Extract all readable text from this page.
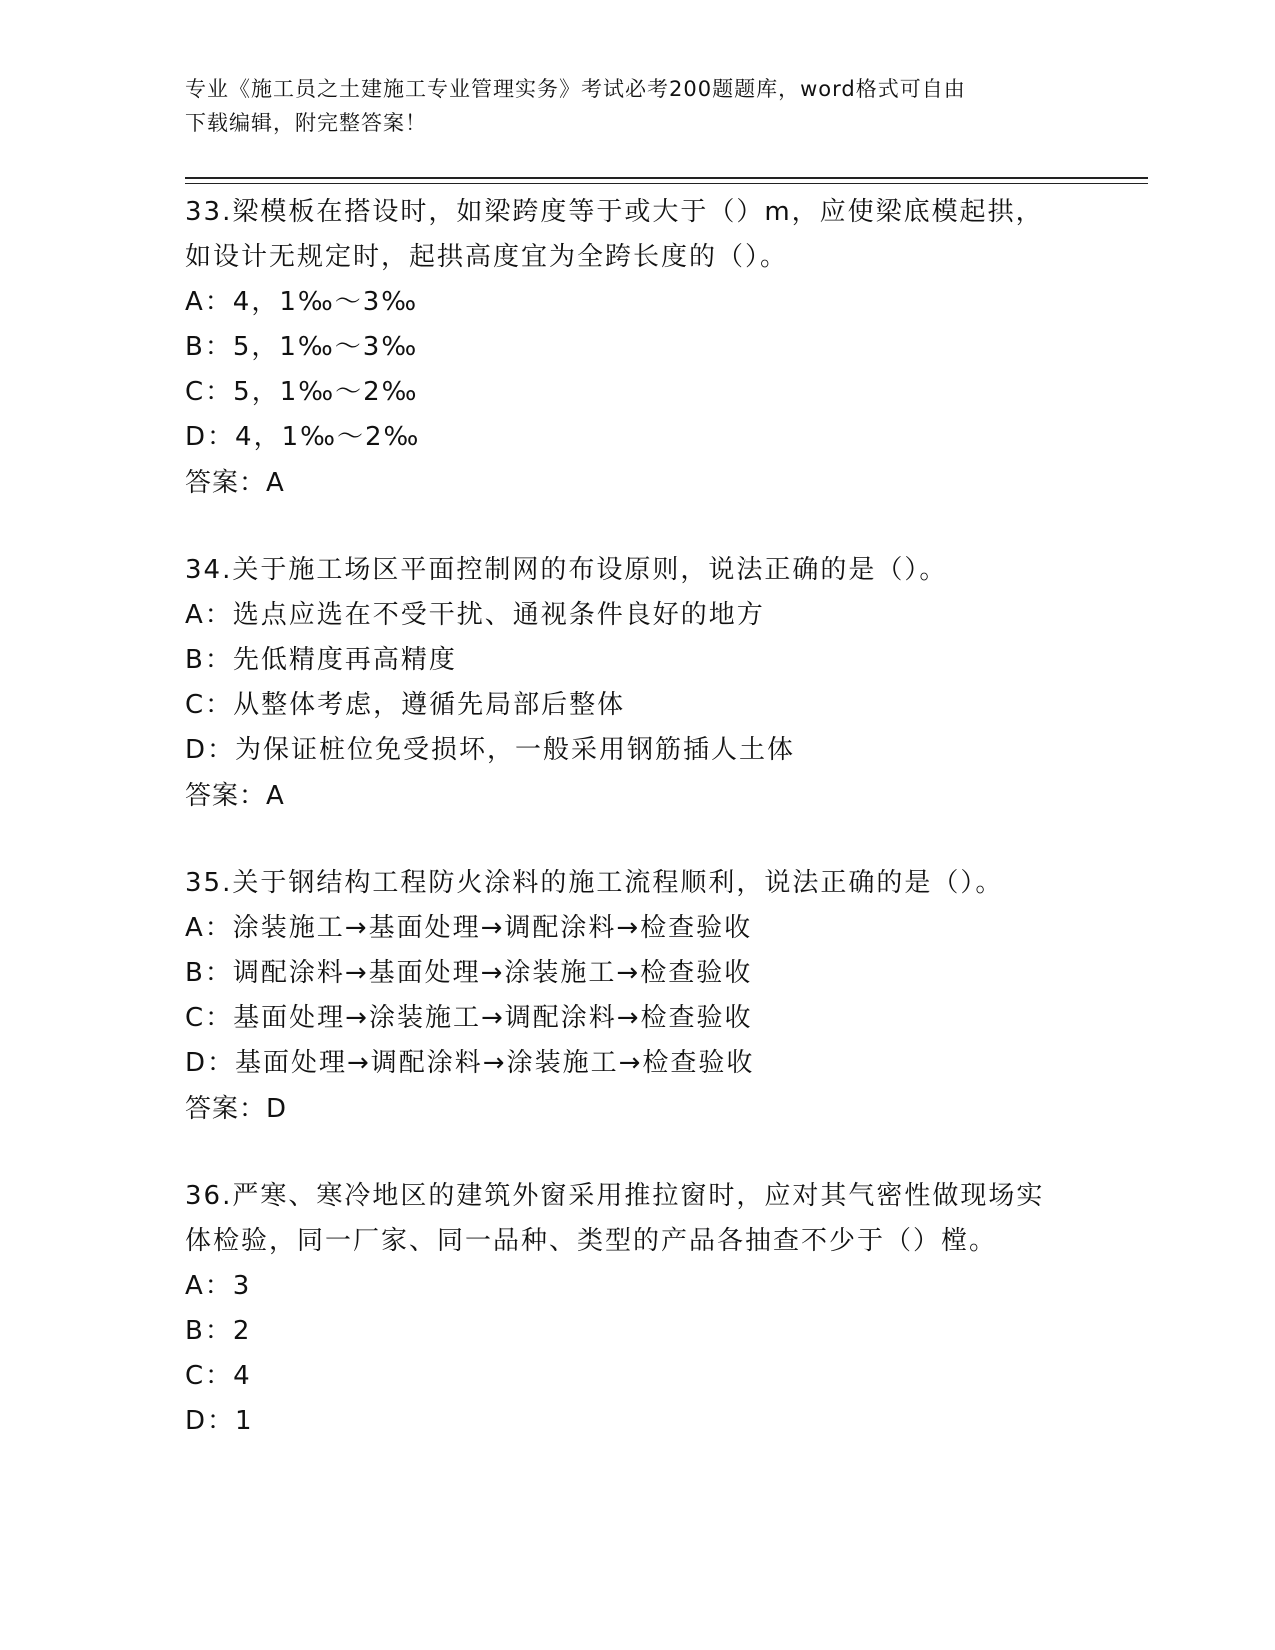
专业《施工员之土建施工专业管理实务》考试必考200题题库，word格式可自由
下载编辑，附完整答案！
33.梁模板在搭设时，如梁跨度等于或大于（）m，应使梁底模起拱，
如设计无规定时，起拱高度宜为全跨长度的（）。
A：4，1‰～3‰
B：5，1‰～3‰
C：5，1‰～2‰
D：4，1‰～2‰
答案：A
34.关于施工场区平面控制网的布设原则，说法正确的是（）。
A：选点应选在不受干扰、通视条件良好的地方
B：先低精度再高精度
C：从整体考虑，遵循先局部后整体
D：为保证桩位免受损坏，一般采用钢筋插人土体
答案：A
35.关于钢结构工程防火涂料的施工流程顺利，说法正确的是（）。
A：涂装施工→基面处理→调配涂料→检查验收
B：调配涂料→基面处理→涂装施工→检查验收
C：基面处理→涂装施工→调配涂料→检查验收
D：基面处理→调配涂料→涂装施工→检查验收
答案：D
36.严寒、寒冷地区的建筑外窗采用推拉窗时，应对其气密性做现场实
体检验，同一厂家、同一品种、类型的产品各抽查不少于（）樘。
A：3
B：2
C：4
D：1
